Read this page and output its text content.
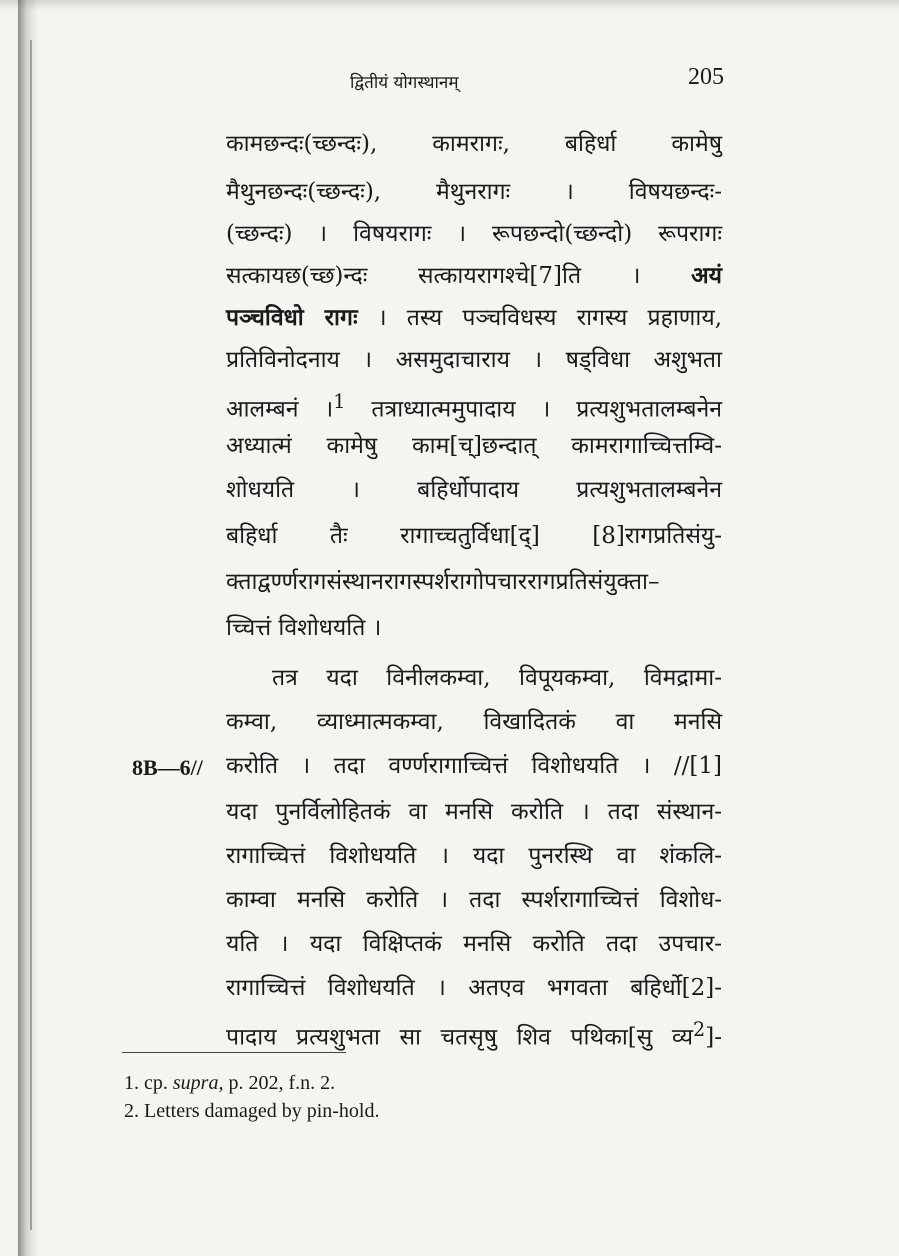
द्वितीयं योगस्थानम्	205
कामछन्दः(च्छन्दः), कामरागः, बहिर्धा कामेषु
मैथुनछन्दः(च्छन्दः), मैथुनरागः । विषयछन्दः-
(च्छन्दः) । विषयरागः । रूपछन्दो(च्छन्दो) रूपरागः
सत्कायछ(च्छ)न्दः सत्कायरागश्चे[7]ति । अयं
पञ्चविधो रागः । तस्य पञ्चविधस्य रागस्य प्रहाणाय,
प्रतिविनोदनाय । असमुदाचाराय । षड्विधा अशुभता
आलम्बनं ।$^1$ तत्राध्यात्ममुपादाय । प्रत्यशुभतालम्बनेन
अध्यात्मं कामेषु काम[च्]छन्दात् कामरागाच्चित्तम्वि-
शोधयति । बहिर्धोपादाय प्रत्यशुभतालम्बनेन
बहिर्धा तैः रागाच्चतुर्विधा[द्] [8]रागप्रतिसंयु-
क्ताद्वर्ण्णरागसंस्थानरागस्पर्शरागोपचाररागप्रतिसंयुक्ता–
च्चित्तं विशोधयति ।
तत्र यदा विनीलकम्वा, विपूयकम्वा, विमद्रामा-
कम्वा, व्याध्मात्मकम्वा, विखादितकं वा मनसि
8B—6// करोति । तदा वर्ण्णरागाच्चित्तं विशोधयति । //[1]
यदा पुनर्विलोहितकं वा मनसि करोति । तदा संस्थान-
रागाच्चित्तं विशोधयति । यदा पुनरस्थि वा शंकलि-
काम्वा मनसि करोति । तदा स्पर्शरागाच्चित्तं विशोध-
यति । यदा विक्षिप्तकं मनसि करोति तदा उपचार-
रागाच्चित्तं विशोधयति । अतएव भगवता बहिर्धो[2]-
पादाय प्रत्यशुभता सा चतसृषु शिव पथिका[सु व्य$^2$]-
1. cp. supra, p. 202, f.n. 2.
2. Letters damaged by pin-hold.
